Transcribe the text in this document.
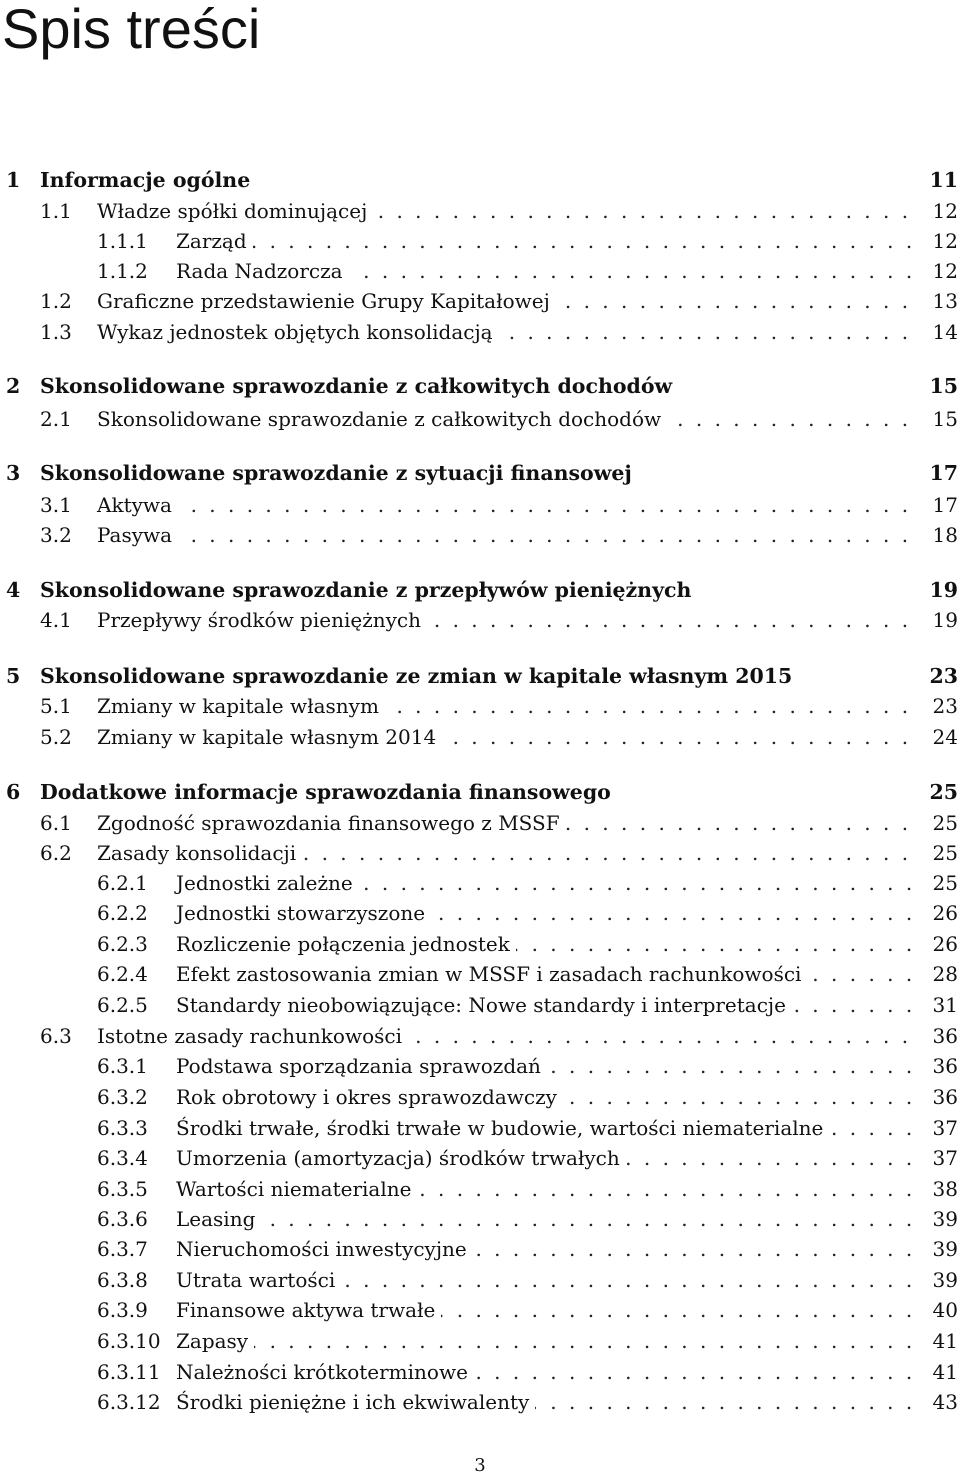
Spis treści
1 Informacje ogólne	11
1.1 Władze spółki dominującej . . .	12
1.1.1 Zarząd . . .	12
1.1.2 Rada Nadzorcza . . .	12
1.2 Graficzne przedstawienie Grupy Kapitałowej . . .	13
1.3 Wykaz jednostek objętych konsolidacją . . .	14
2 Skonsolidowane sprawozdanie z całkowitych dochodów	15
2.1 Skonsolidowane sprawozdanie z całkowitych dochodów . . .	15
3 Skonsolidowane sprawozdanie z sytuacji finansowej	17
3.1 Aktywa . . .	17
3.2 Pasywa . . .	18
4 Skonsolidowane sprawozdanie z przepływów pieniężnych	19
4.1 Przepływy środków pieniężnych . . .	19
5 Skonsolidowane sprawozdanie ze zmian w kapitale własnym 2015	23
5.1 Zmiany w kapitale własnym . . .	23
5.2 Zmiany w kapitale własnym 2014 . . .	24
6 Dodatkowe informacje sprawozdania finansowego	25
6.1 Zgodność sprawozdania finansowego z MSSF . . .	25
6.2 Zasady konsolidacji . . .	25
6.2.1 Jednostki zależne . . .	25
6.2.2 Jednostki stowarzyszone . . .	26
6.2.3 Rozliczenie połączenia jednostek . . .	26
6.2.4 Efekt zastosowania zmian w MSSF i zasadach rachunkowości . . .	28
6.2.5 Standardy nieobowiązujące: Nowe standardy i interpretacje . . .	31
6.3 Istotne zasady rachunkowości . . .	36
6.3.1 Podstawa sporządzania sprawozdań . . .	36
6.3.2 Rok obrotowy i okres sprawozdawczy . . .	36
6.3.3 Środki trwałe, środki trwałe w budowie, wartości niematerialne . . .	37
6.3.4 Umorzenia (amortyzacja) środków trwałych . . .	37
6.3.5 Wartości niematerialne . . .	38
6.3.6 Leasing . . .	39
6.3.7 Nieruchomości inwestycyjne . . .	39
6.3.8 Utrata wartości . . .	39
6.3.9 Finansowe aktywa trwałe . . .	40
6.3.10 Zapasy . . .	41
6.3.11 Należności krótkoterminowe . . .	41
6.3.12 Środki pieniężne i ich ekwiwalenty . . .	43
3
